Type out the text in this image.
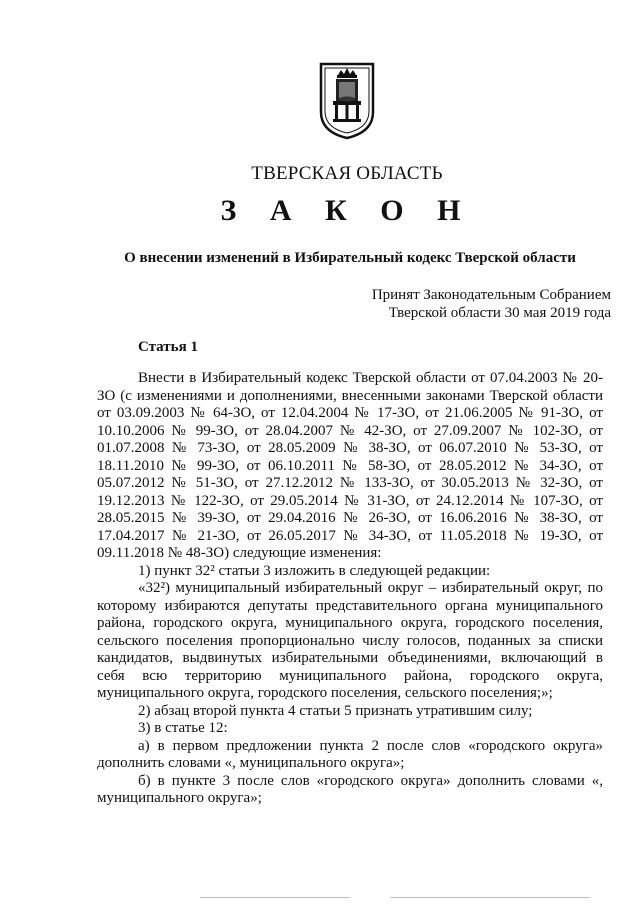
ТВЕРСКАЯ ОБЛАСТЬ
З А К О Н
О внесении изменений в Избирательный кодекс Тверской области
Принят Законодательным Собранием
Тверской области 30 мая 2019 года
Статья 1

Внести в Избирательный кодекс Тверской области от 07.04.2003 № 20-ЗО (с изменениями и дополнениями, внесенными законами Тверской области от 03.09.2003 № 64-ЗО, от 12.04.2004 № 17-ЗО, от 21.06.2005 № 91-ЗО, от 10.10.2006 № 99-ЗО, от 28.04.2007 № 42-ЗО, от 27.09.2007 № 102-ЗО, от 01.07.2008 № 73-ЗО, от 28.05.2009 № 38-ЗО, от 06.07.2010 № 53-ЗО, от 18.11.2010 № 99-ЗО, от 06.10.2011 № 58-ЗО, от 28.05.2012 № 34-ЗО, от 05.07.2012 № 51-ЗО, от 27.12.2012 № 133-ЗО, от 30.05.2013 № 32-ЗО, от 19.12.2013 № 122-ЗО, от 29.05.2014 № 31-ЗО, от 24.12.2014 № 107-ЗО, от 28.05.2015 № 39-ЗО, от 29.04.2016 № 26-ЗО, от 16.06.2016 № 38-ЗО, от 17.04.2017 № 21-ЗО, от 26.05.2017 № 34-ЗО, от 11.05.2018 № 19-ЗО, от 09.11.2018 № 48-ЗО) следующие изменения:

1) пункт 32² статьи 3 изложить в следующей редакции:

«32²) муниципальный избирательный округ – избирательный округ, по которому избираются депутаты представительного органа муниципального района, городского округа, муниципального округа, городского поселения, сельского поселения пропорционально числу голосов, поданных за списки кандидатов, выдвинутых избирательными объединениями, включающий в себя всю территорию муниципального района, городского округа, муниципального округа, городского поселения, сельского поселения;»;

2) абзац второй пункта 4 статьи 5 признать утратившим силу;

3) в статье 12:

а) в первом предложении пункта 2 после слов «городского округа» дополнить словами «, муниципального округа»;

б) в пункте 3 после слов «городского округа» дополнить словами «, муниципального округа»;
